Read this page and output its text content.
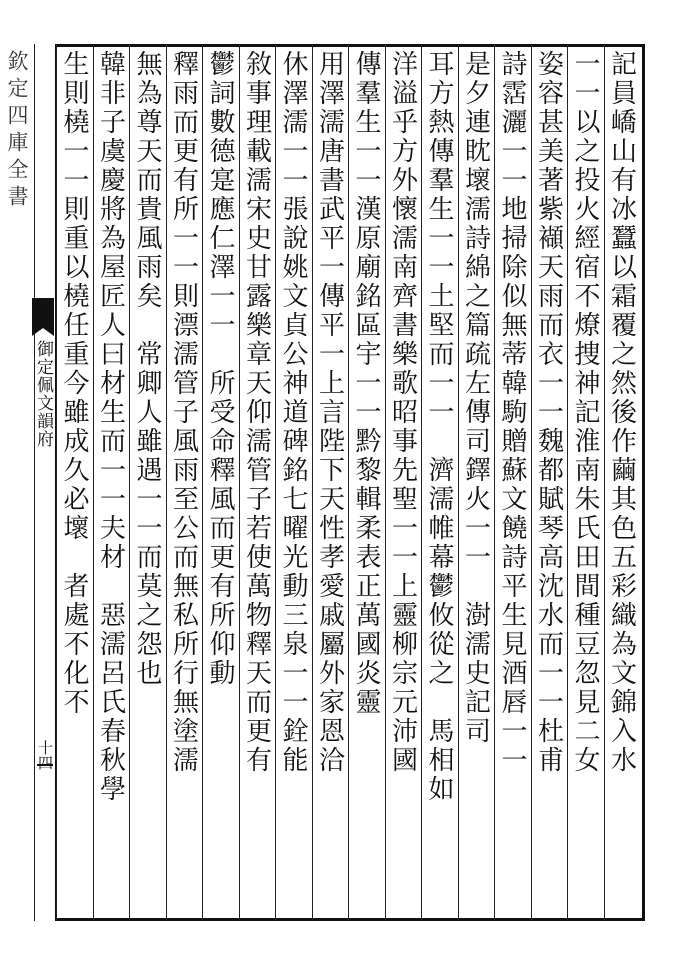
欽定四庫全書
御定佩文韻府
十四	記員嶠山有冰蠶以霜覆之然後作繭其色五彩織為文錦入水
一一以之投火經宿不燎捜神記淮南朱氏田間種豆忽見二女
姿容甚美著紫襭天雨而衣一一魏都賦琴高沈水而一一杜甫
詩霑灑一一地掃除似無蒂韓駒贈蘇文饒詩平生見酒唇一一
是夕連眈壞濡詩綿之篇疏左傳司鐸火一一　澍濡史記司
耳方熱傳羣生一一土堅而一一　濟濡帷幕鬱攸從之　馬相如
洋溢乎方外懷濡南齊書樂歌昭事先聖一一上靈柳宗元沛國
傳羣生一一漢原廟銘區宇一一黔黎輯柔表正萬國炎靈
用澤濡唐書武平一傳平一上言陛下天性孝愛戚屬外家恩洽
休澤濡一一張說姚文貞公神道碑銘七曜光動三泉一一銓能
敘事理載濡宋史甘露樂章天仰濡管子若使萬物釋天而更有
鬱詞數德寔應仁澤一一　所受命釋風而更有所仰動
釋雨而更有所一一則漂濡管子風雨至公而無私所行無塗濡
無為尊天而貴風雨矣　常卿人雖遇一一而莫之怨也
韓非子虞慶將為屋匠人曰材生而一一夫材　惡濡呂氏春秋學
生則橈一一則重以橈任重今雖成久必壞　者處不化不
